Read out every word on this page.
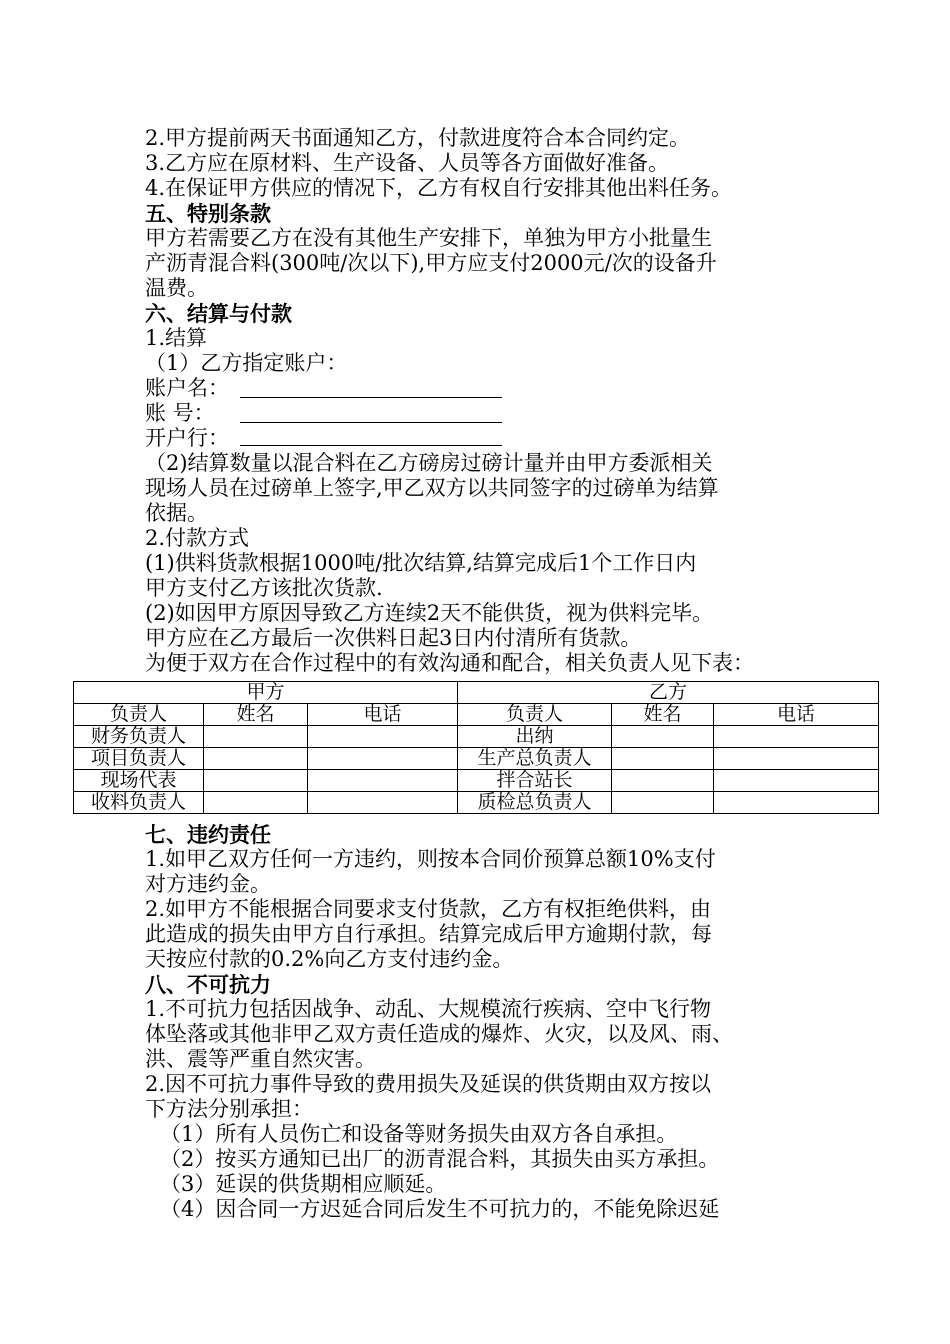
2.甲方提前两天书面通知乙方，付款进度符合本合同约定。
3.乙方应在原材料、生产设备、人员等各方面做好准备。
4.在保证甲方供应的情况下，乙方有权自行安排其他出料任务。
五、特别条款
甲方若需要乙方在没有其他生产安排下，单独为甲方小批量生
产沥青混合料(300吨/次以下),甲方应支付2000元/次的设备升
温费。
六、结算与付款
1.结算
（1）乙方指定账户：
账户名：
账 号：
开户行：
（2)结算数量以混合料在乙方磅房过磅计量并由甲方委派相关
现场人员在过磅单上签字,甲乙双方以共同签字的过磅单为结算
依据。
2.付款方式
(1)供料货款根据1000吨/批次结算,结算完成后1个工作日内
甲方支付乙方该批次货款.
(2)如因甲方原因导致乙方连续2天不能供货，视为供料完毕。
甲方应在乙方最后一次供料日起3日内付清所有货款。
为便于双方在合作过程中的有效沟通和配合，相关负责人见下表：
甲方			乙方		
负责人	姓名	电话	负责人	姓名	电话
财务负责人			出纳		
项目负责人			生产总负责人		
现场代表			拌合站长		
收料负责人			质检总负责人		
七、违约责任
1.如甲乙双方任何一方违约，则按本合同价预算总额10%支付
对方违约金。
2.如甲方不能根据合同要求支付货款，乙方有权拒绝供料，由
此造成的损失由甲方自行承担。结算完成后甲方逾期付款，每
天按应付款的0.2%向乙方支付违约金。
八、不可抗力
1.不可抗力包括因战争、动乱、大规模流行疾病、空中飞行物
体坠落或其他非甲乙双方责任造成的爆炸、火灾，以及风、雨、
洪、震等严重自然灾害。
2.因不可抗力事件导致的费用损失及延误的供货期由双方按以
下方法分别承担：
（1）所有人员伤亡和设备等财务损失由双方各自承担。
（2）按买方通知已出厂的沥青混合料，其损失由买方承担。
（3）延误的供货期相应顺延。
（4）因合同一方迟延合同后发生不可抗力的，不能免除迟延
